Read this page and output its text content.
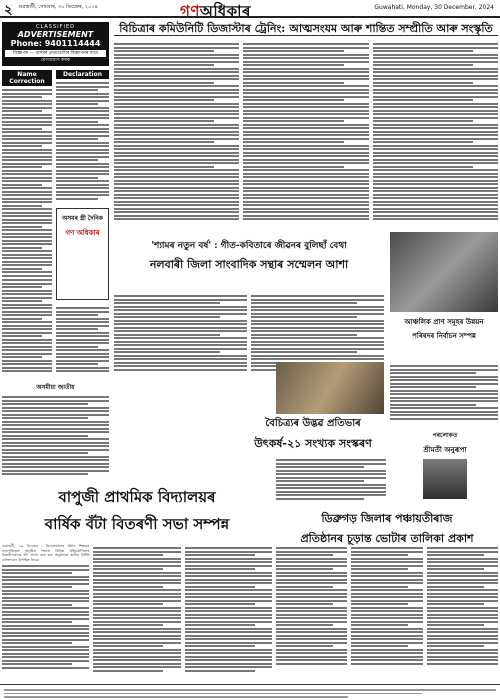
২ গুৱাহাটী, সোমবাৰ, ৩০ ডিচেম্বৰ, ২০২৪	গণঅধিকাৰ	Guwahati, Monday, 30 December, 2024
CLASSIFIED
ADVERTISEMENT
Phone: 9401114444
বিজ্ঞাপন — অসমৰ প্ৰথমশ্ৰেণীৰ বিজ্ঞাপনৰ বাবে
যোগাযোগ কৰক
Name Correction
Declaration
অসমৰ স্ত্রী দৈনিক
গণ অধিকাৰ
অসমীয়া জাতীয়
বাপুজী প্ৰাথমিক বিদ্যালয়ৰ
বাৰ্ষিক বঁটা বিতৰণী সভা সম্পন্ন

গুৱাহাটী, ২৯ ডিচেম্বৰ : বিদ্যালয়খনৰ প্ৰধান শিক্ষকৰ সভাপতিত্বত অনুষ্ঠিত সভাত বিভিন্ন প্ৰতিযোগিতাৰ বিজয়ীসকলক বঁটা প্ৰদান কৰা হয়। অনুষ্ঠানত স্থানীয় বিশিষ্ট ব্যক্তিসকল উপস্থিত থাকে।

বিচিত্ৰাৰ কমিউনিটি ডিজাস্টাৰ ট্ৰেনিং: আত্মসংযম আৰু শান্তিত সম্প্ৰীতি আৰু সংস্কৃতি
'শ্যামৰ নতুন বৰ্ষ' : গীত-কবিতাৰে জীৱনৰ বুলিছাঁ বেথা
নলবাৰী জিলা সাংবাদিক সন্থাৰ সম্মেলন আশা
আঞ্চলিক প্ৰাণ সমূহৰ উন্নয়ন
পৰিষদৰ নিৰ্বাচন সম্পন্ন
বৈচিত্ৰ্যৰ উদ্ভৱ প্ৰতিভাৰ
উৎকৰ্ষ-২১ সংখ্যক সংস্কৰণ
পৰলোকত
শ্ৰীমতী অনুৰূপা
ডিব্ৰুগড় জিলাৰ পঞ্চায়তীৰাজ
প্ৰতিষ্ঠানৰ চূড়ান্ত ভোটাৰ তালিকা প্ৰকাশ
